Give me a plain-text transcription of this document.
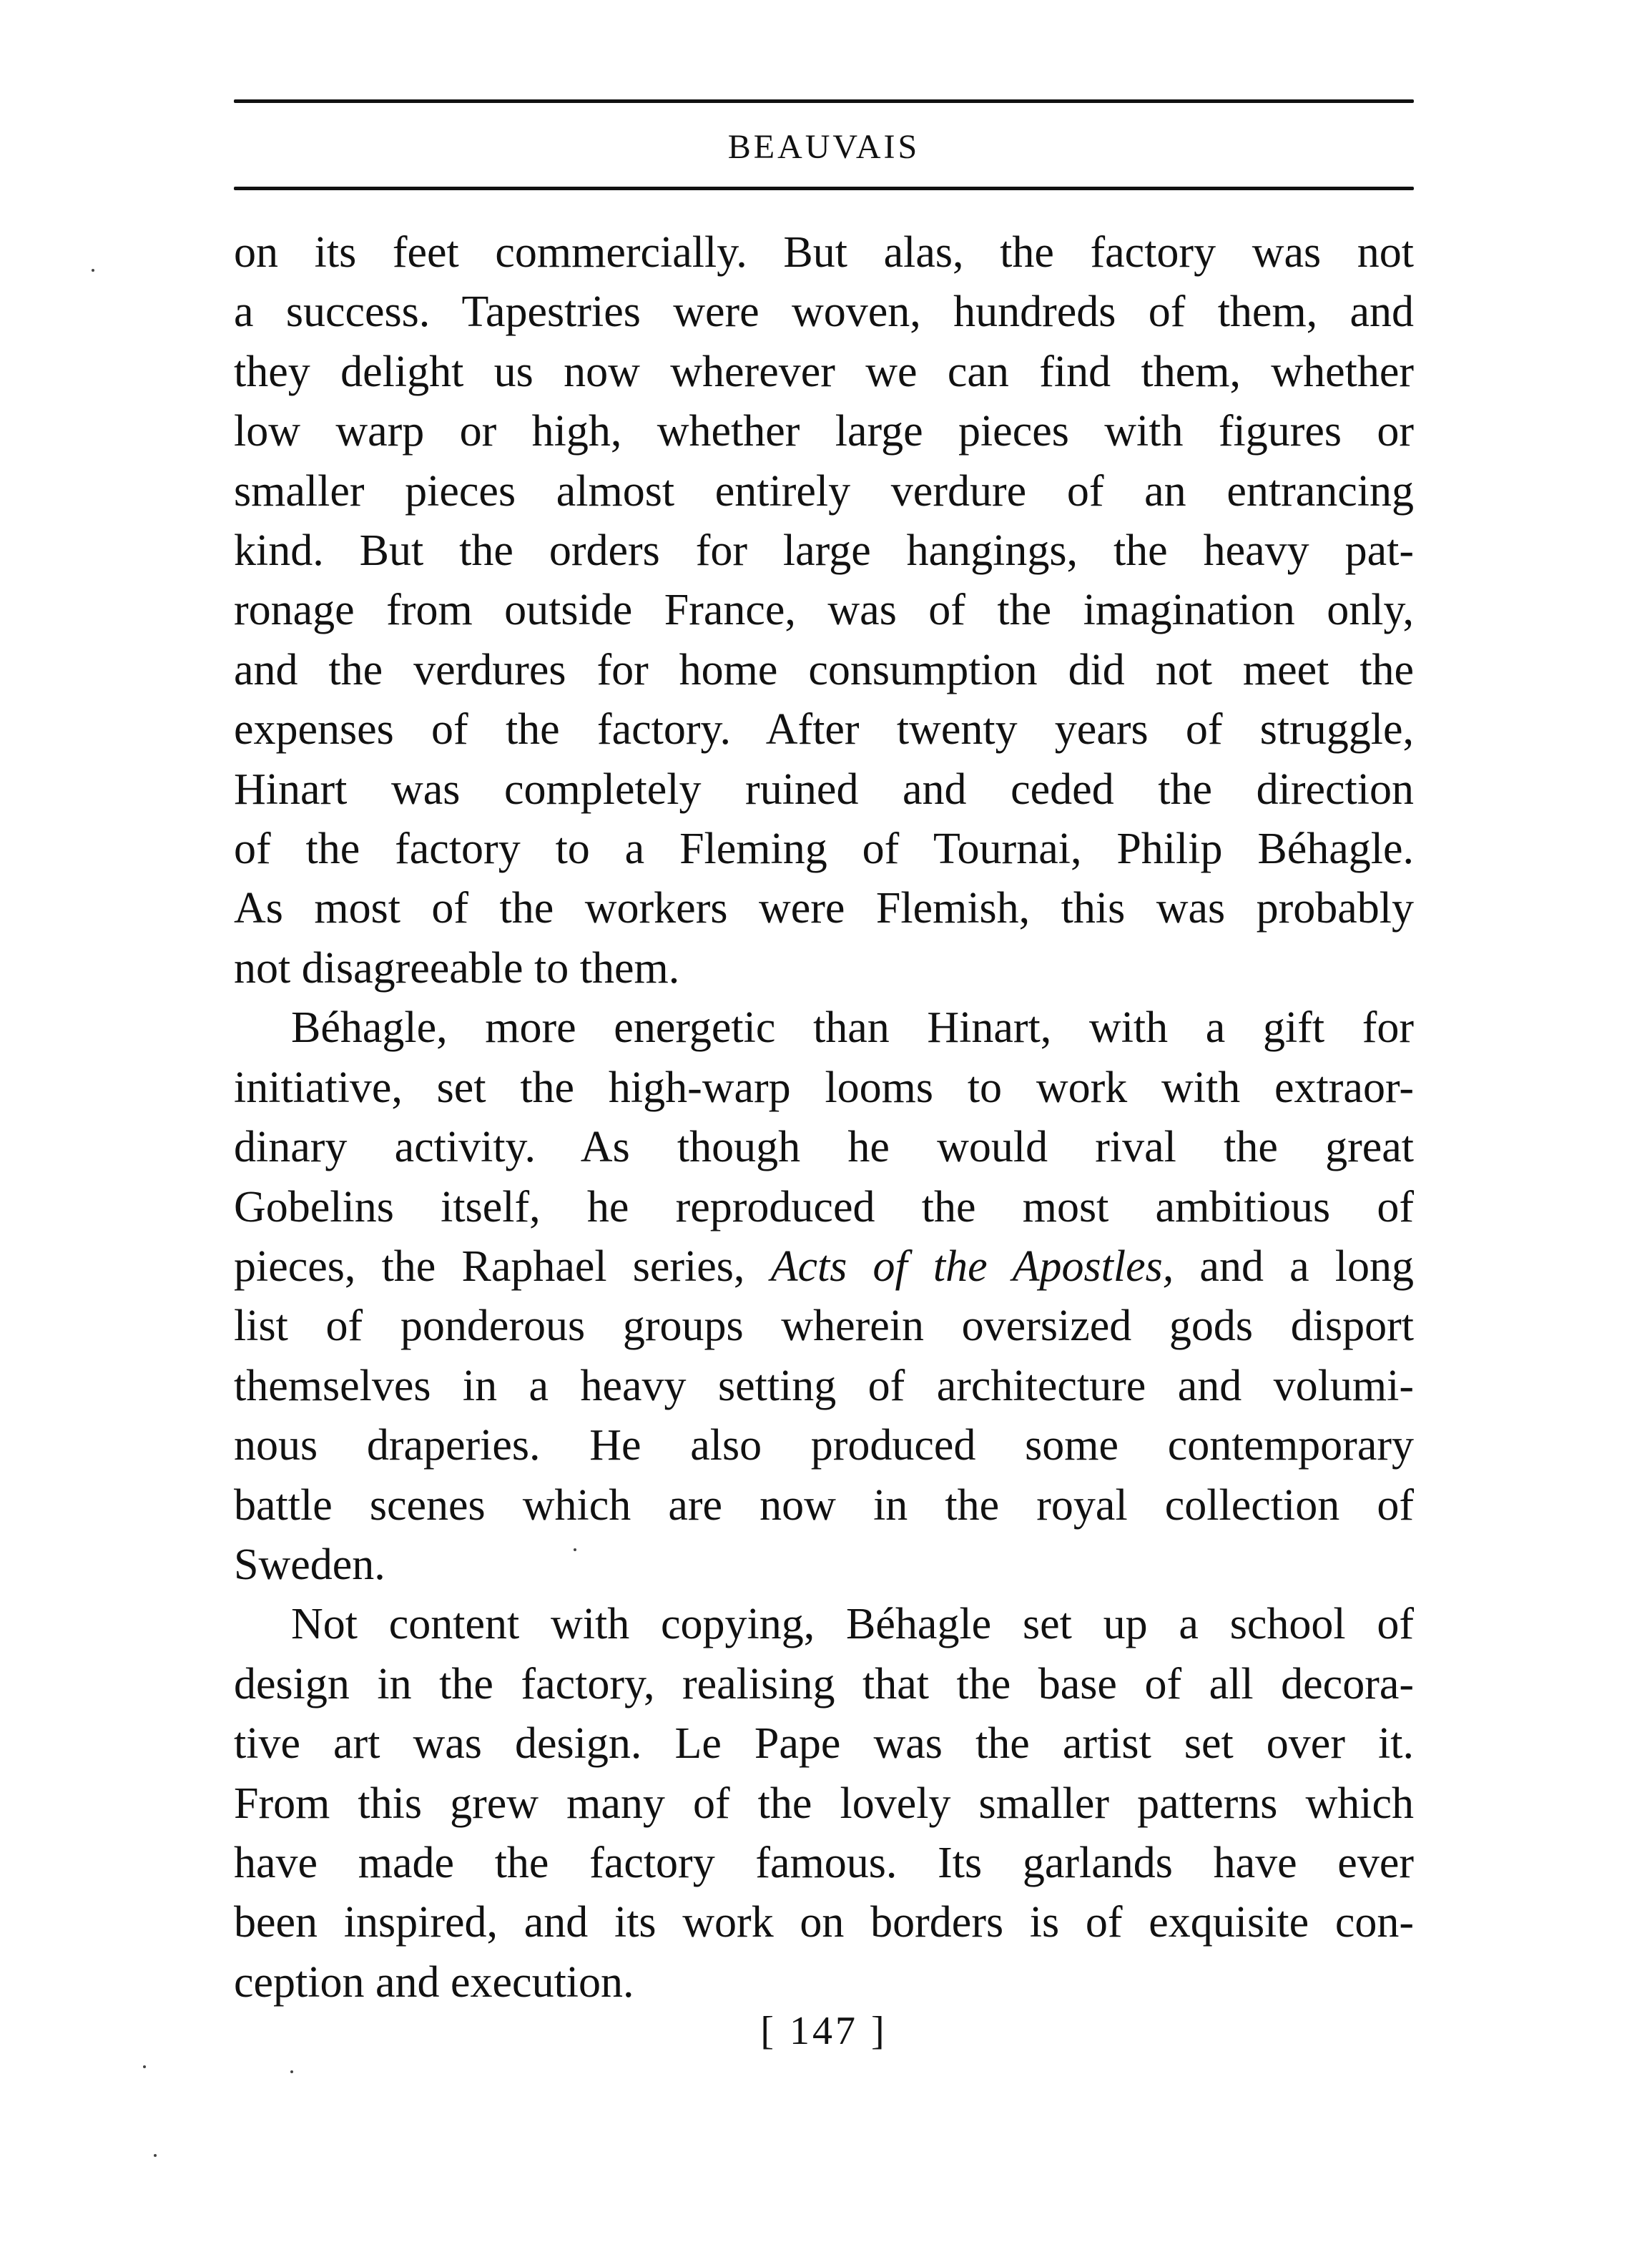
BEAUVAIS
on its feet commercially. But alas, the factory was not
a success. Tapestries were woven, hundreds of them, and
they delight us now wherever we can find them, whether
low warp or high, whether large pieces with figures or
smaller pieces almost entirely verdure of an entrancing
kind. But the orders for large hangings, the heavy pat-
ronage from outside France, was of the imagination only,
and the verdures for home consumption did not meet the
expenses of the factory. After twenty years of struggle,
Hinart was completely ruined and ceded the direction
of the factory to a Fleming of Tournai, Philip Béhagle.
As most of the workers were Flemish, this was probably
not disagreeable to them.
Béhagle, more energetic than Hinart, with a gift for
initiative, set the high-warp looms to work with extraor-
dinary activity. As though he would rival the great
Gobelins itself, he reproduced the most ambitious of
pieces, the Raphael series, Acts of the Apostles, and a long
list of ponderous groups wherein oversized gods disport
themselves in a heavy setting of architecture and volumi-
nous draperies. He also produced some contemporary
battle scenes which are now in the royal collection of
Sweden.
Not content with copying, Béhagle set up a school of
design in the factory, realising that the base of all decora-
tive art was design. Le Pape was the artist set over it.
From this grew many of the lovely smaller patterns which
have made the factory famous. Its garlands have ever
been inspired, and its work on borders is of exquisite con-
ception and execution.
[ 147 ]
